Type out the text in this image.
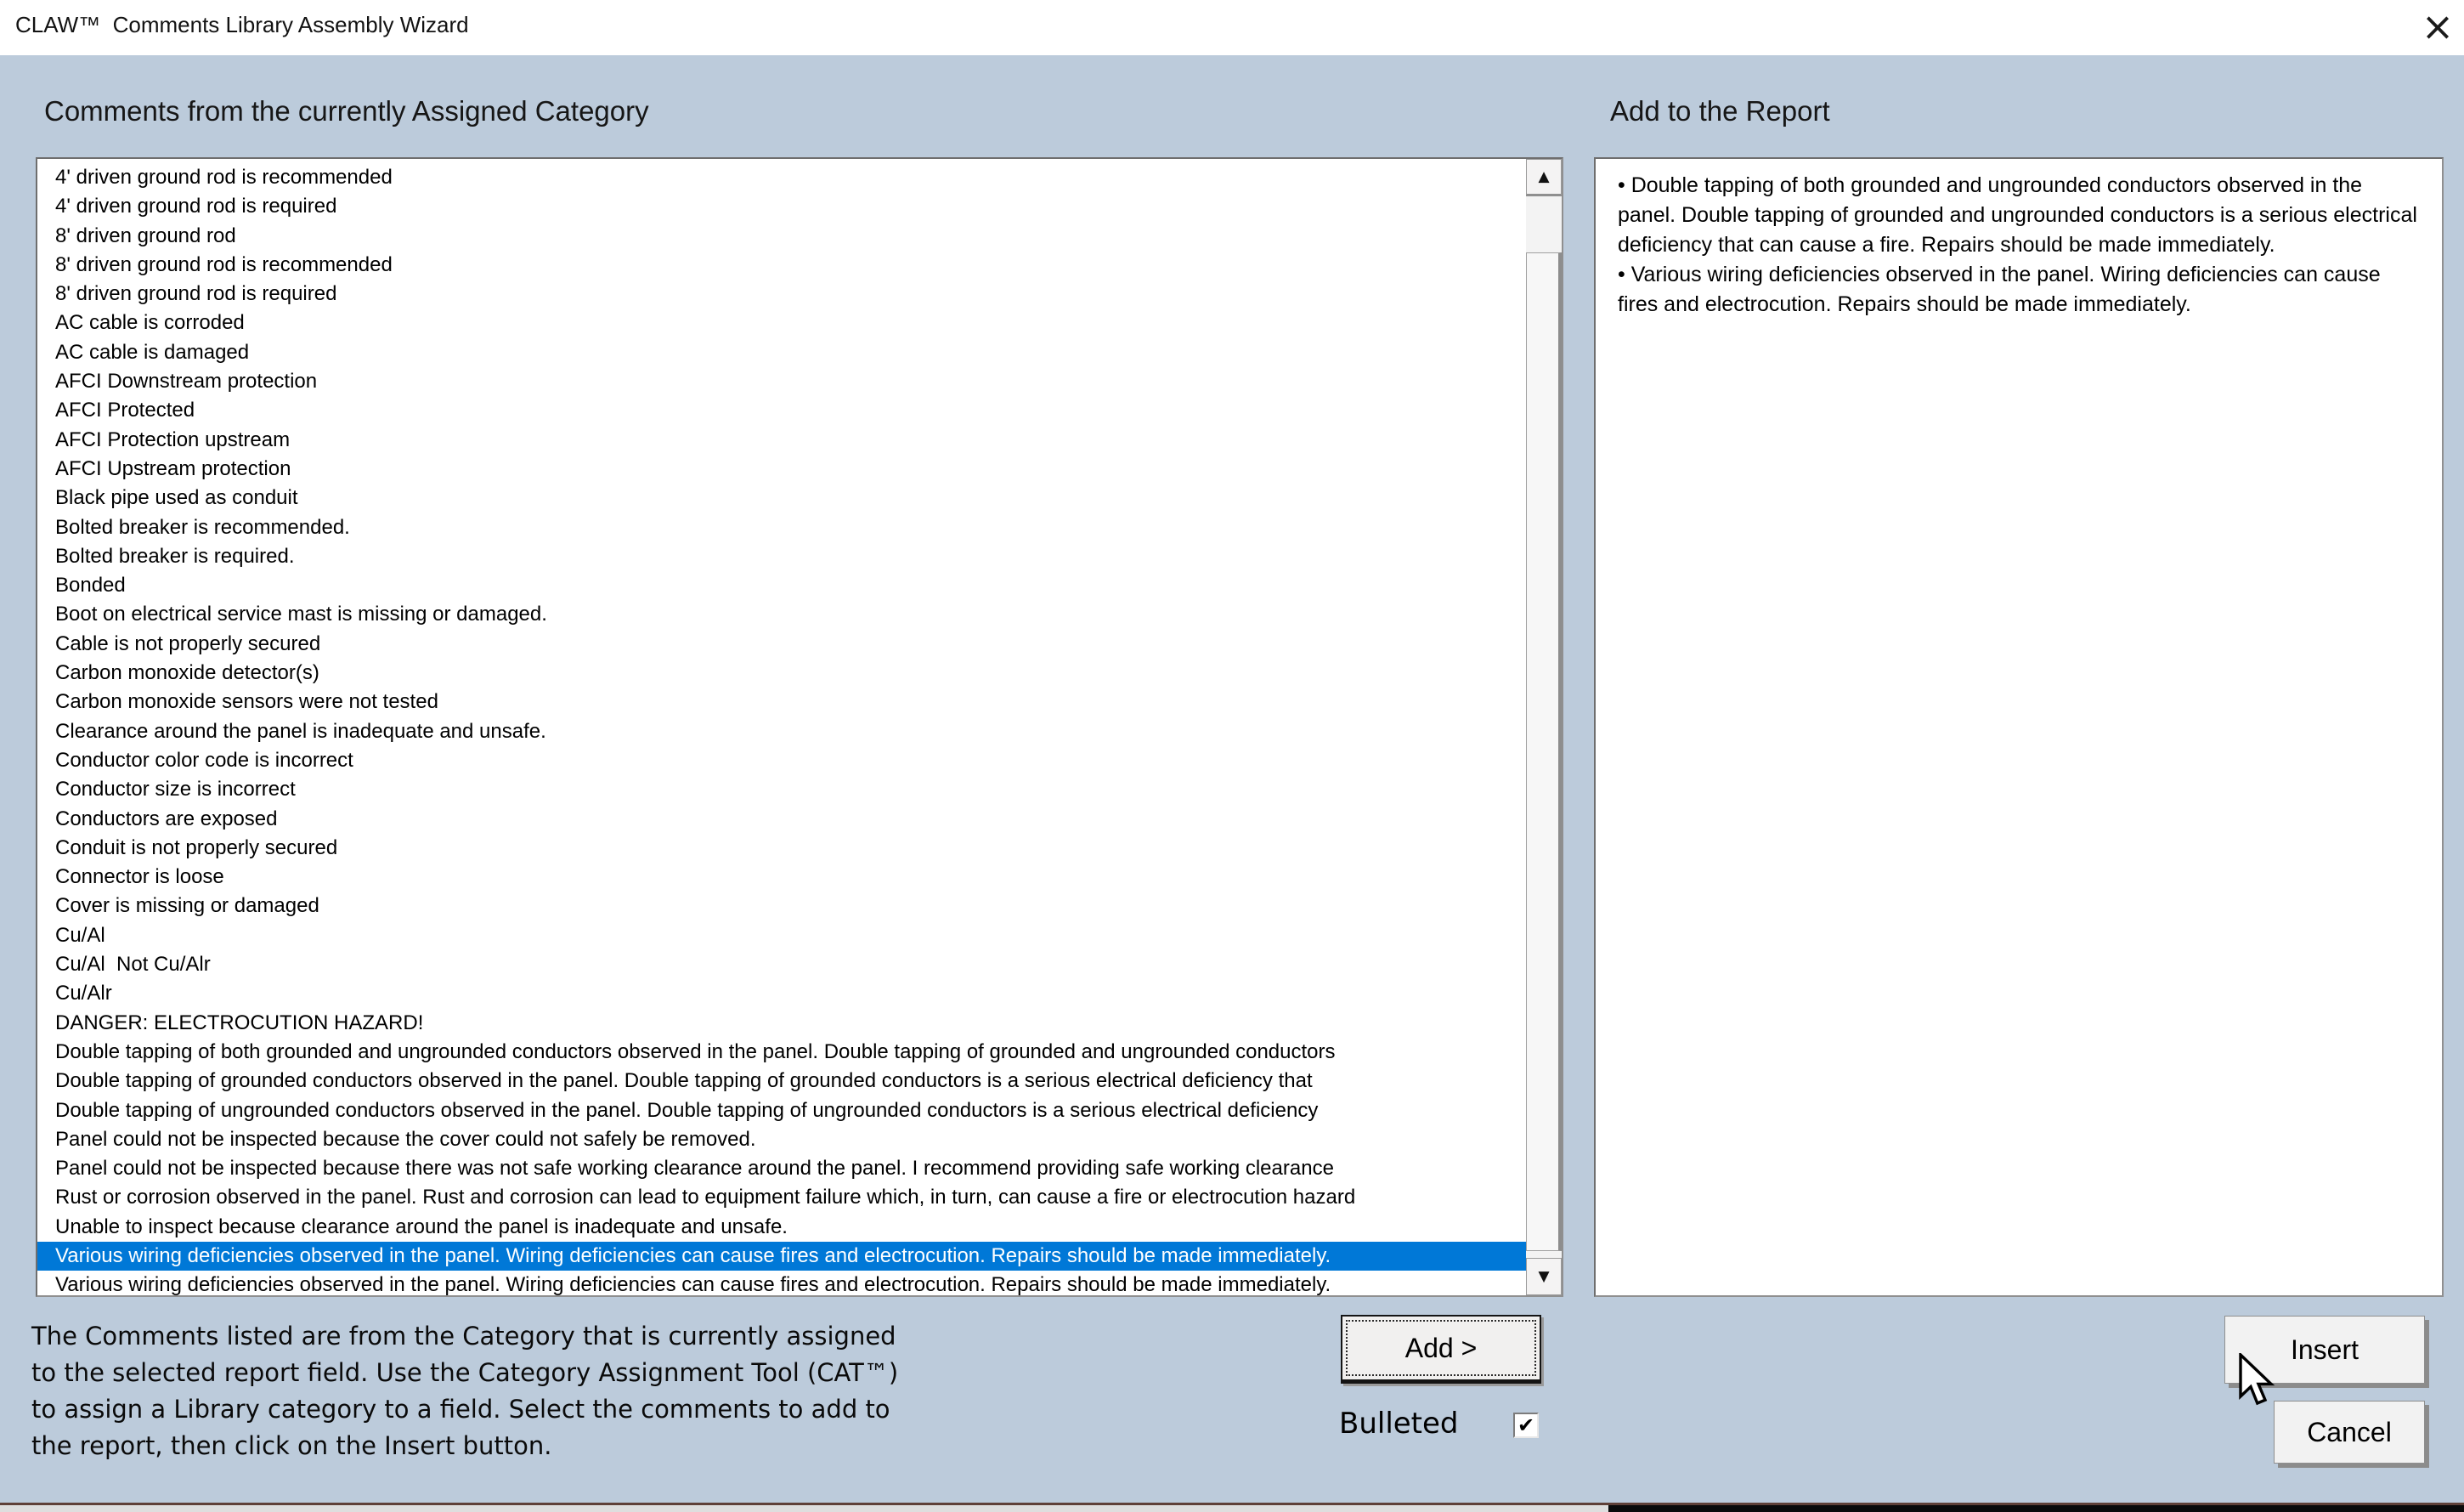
CLAW™  Comments Library Assembly Wizard	×
Comments from the currently Assigned Category	Add to the Report
4' driven ground rod is recommended
4' driven ground rod is required
8' driven ground rod
8' driven ground rod is recommended
8' driven ground rod is required
AC cable is corroded
AC cable is damaged
AFCI Downstream protection
AFCI Protected
AFCI Protection upstream
AFCI Upstream protection
Black pipe used as conduit
Bolted breaker is recommended.
Bolted breaker is required.
Bonded
Boot on electrical service mast is missing or damaged.
Cable is not properly secured
Carbon monoxide detector(s)
Carbon monoxide sensors were not tested
Clearance around the panel is inadequate and unsafe.
Conductor color code is incorrect
Conductor size is incorrect
Conductors are exposed
Conduit is not properly secured
Connector is loose
Cover is missing or damaged
Cu/Al
Cu/Al  Not Cu/Alr
Cu/Alr
DANGER: ELECTROCUTION HAZARD!
Double tapping of both grounded and ungrounded conductors observed in the panel. Double tapping of grounded and ungrounded conductors
Double tapping of grounded conductors observed in the panel. Double tapping of grounded conductors is a serious electrical deficiency that
Double tapping of ungrounded conductors observed in the panel. Double tapping of ungrounded conductors is a serious electrical deficiency
Panel could not be inspected because the cover could not safely be removed.
Panel could not be inspected because there was not safe working clearance around the panel. I recommend providing safe working clearance
Rust or corrosion observed in the panel. Rust and corrosion can lead to equipment failure which, in turn, can cause a fire or electrocution hazard
Unable to inspect because clearance around the panel is inadequate and unsafe.
Various wiring deficiencies observed in the panel. Wiring deficiencies can cause fires and electrocution. Repairs should be made immediately.
Various wiring deficiencies observed in the panel. Wiring deficiencies can cause fires and electrocution. Repairs should be made immediately.
▲
▼
• Double tapping of both grounded and ungrounded conductors observed in the panel. Double tapping of grounded and ungrounded conductors is a serious electrical deficiency that can cause a fire. Repairs should be made immediately.
• Various wiring deficiencies observed in the panel. Wiring deficiencies can cause fires and electrocution. Repairs should be made immediately.
The Comments listed are from the Category that is currently assigned
to the selected report field. Use the Category Assignment Tool (CAT™)
to assign a Library category to a field. Select the comments to add to
the report, then click on the Insert button.
Add >
Bulleted	✔
Insert
Cancel
